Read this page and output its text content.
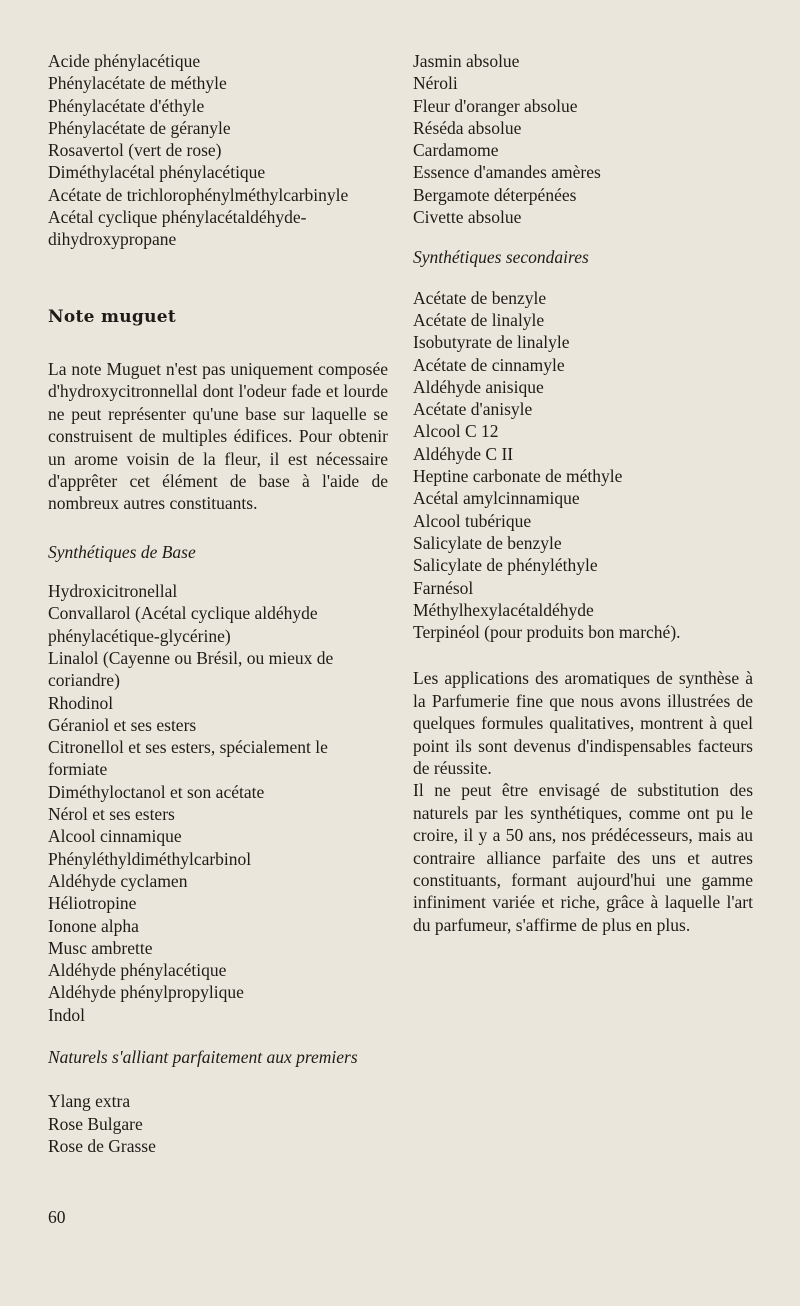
Acide phénylacétique
Phénylacétate de méthyle
Phénylacétate d'éthyle
Phénylacétate de géranyle
Rosavertol (vert de rose)
Diméthylacétal phénylacétique
Acétate de trichlorophénylméthylcarbinyle
Acétal cyclique phénylacétaldéhyde-
dihydroxypropane
Note muguet
La note Muguet n'est pas uniquement composée d'hydroxycitronnellal dont l'odeur fade et lourde ne peut représenter qu'une base sur laquelle se construisent de multiples édifices. Pour obtenir un arome voisin de la fleur, il est nécessaire d'apprêter cet élément de base à l'aide de nombreux autres constituants.
Synthétiques de Base
Hydroxicitronellal
Convallarol (Acétal cyclique aldéhyde
phénylacétique-glycérine)
Linalol (Cayenne ou Brésil, ou mieux de
coriandre)
Rhodinol
Géraniol et ses esters
Citronellol et ses esters, spécialement le
formiate
Diméthyloctanol et son acétate
Nérol et ses esters
Alcool cinnamique
Phényléthyldiméthylcarbinol
Aldéhyde cyclamen
Héliotropine
Ionone alpha
Musc ambrette
Aldéhyde phénylacétique
Aldéhyde phénylpropylique
Indol
Naturels s'alliant parfaitement aux premiers
Ylang extra
Rose Bulgare
Rose de Grasse
Jasmin absolue
Néroli
Fleur d'oranger absolue
Réséda absolue
Cardamome
Essence d'amandes amères
Bergamote déterpénées
Civette absolue
Synthétiques secondaires
Acétate de benzyle
Acétate de linalyle
Isobutyrate de linalyle
Acétate de cinnamyle
Aldéhyde anisique
Acétate d'anisyle
Alcool C 12
Aldéhyde C II
Heptine carbonate de méthyle
Acétal amylcinnamique
Alcool tubérique
Salicylate de benzyle
Salicylate de phényléthyle
Farnésol
Méthylhexylacétaldéhyde
Terpinéol (pour produits bon marché).
Les applications des aromatiques de synthèse à la Parfumerie fine que nous avons illustrées de quelques formules qualitatives, montrent à quel point ils sont devenus d'indispensables facteurs de réussite.
Il ne peut être envisagé de substitution des naturels par les synthétiques, comme ont pu le croire, il y a 50 ans, nos prédécesseurs, mais au contraire alliance parfaite des uns et autres constituants, formant aujourd'hui une gamme infiniment variée et riche, grâce à laquelle l'art du parfumeur, s'affirme de plus en plus.
60
